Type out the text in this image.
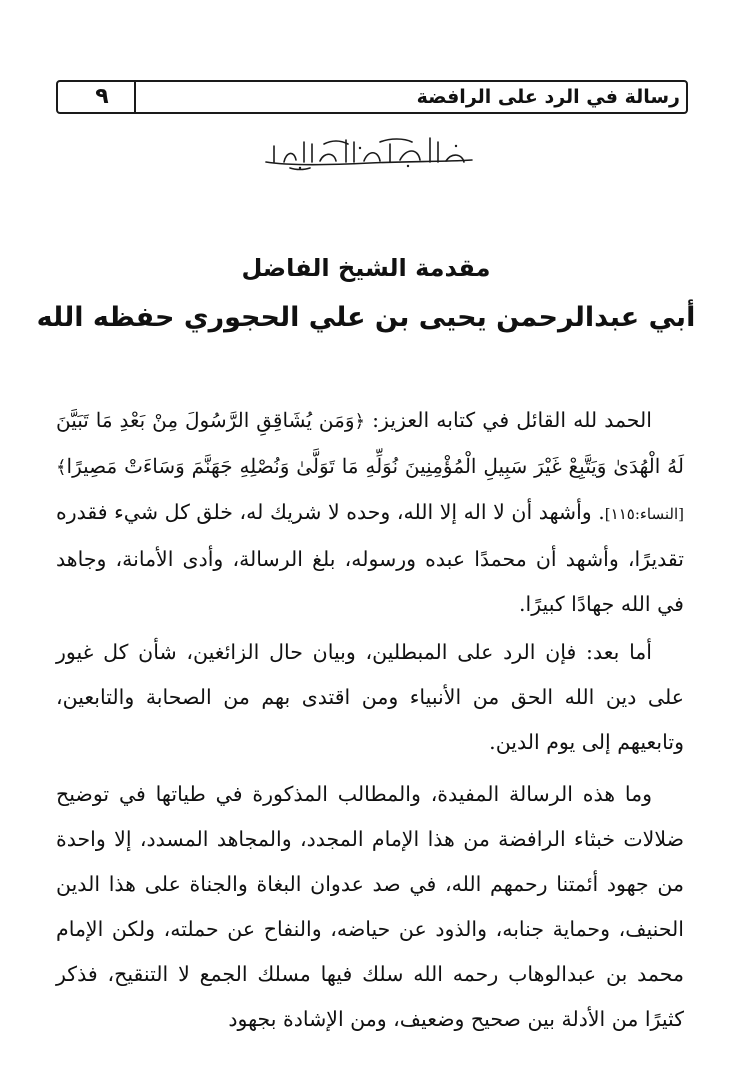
٩	رسالة في الرد على الرافضة
مقدمة الشيخ الفاضل
أبي عبدالرحمن يحيى بن علي الحجوري حفظه الله

الحمد لله القائل في كتابه العزيز: ﴿وَمَن يُشَاقِقِ الرَّسُولَ مِنْ بَعْدِ مَا تَبَيَّنَ لَهُ الْهُدَىٰ وَيَتَّبِعْ غَيْرَ سَبِيلِ الْمُؤْمِنِينَ نُوَلِّهِ مَا تَوَلَّىٰ وَنُصْلِهِ جَهَنَّمَ وَسَاءَتْ مَصِيرًا﴾ [النساء:١١٥]. وأشهد أن لا اله إلا الله، وحده لا شريك له، خلق كل شيء فقدره تقديرًا، وأشهد أن محمدًا عبده ورسوله، بلغ الرسالة، وأدى الأمانة، وجاهد في الله جهادًا كبيرًا.

أما بعد: فإن الرد على المبطلين، وبيان حال الزائغين، شأن كل غيور على دين الله الحق من الأنبياء ومن اقتدى بهم من الصحابة والتابعين، وتابعيهم إلى يوم الدين.

وما هذه الرسالة المفيدة، والمطالب المذكورة في طياتها في توضيح ضلالات خبثاء الرافضة من هذا الإمام المجدد، والمجاهد المسدد، إلا واحدة من جهود أئمتنا رحمهم الله، في صد عدوان البغاة والجناة على هذا الدين الحنيف، وحماية جنابه، والذود عن حياضه، والنفاح عن حملته، ولكن الإمام محمد بن عبدالوهاب رحمه الله سلك فيها مسلك الجمع لا التنقيح، فذكر كثيرًا من الأدلة بين صحيح وضعيف، ومن الإشادة بجهود
